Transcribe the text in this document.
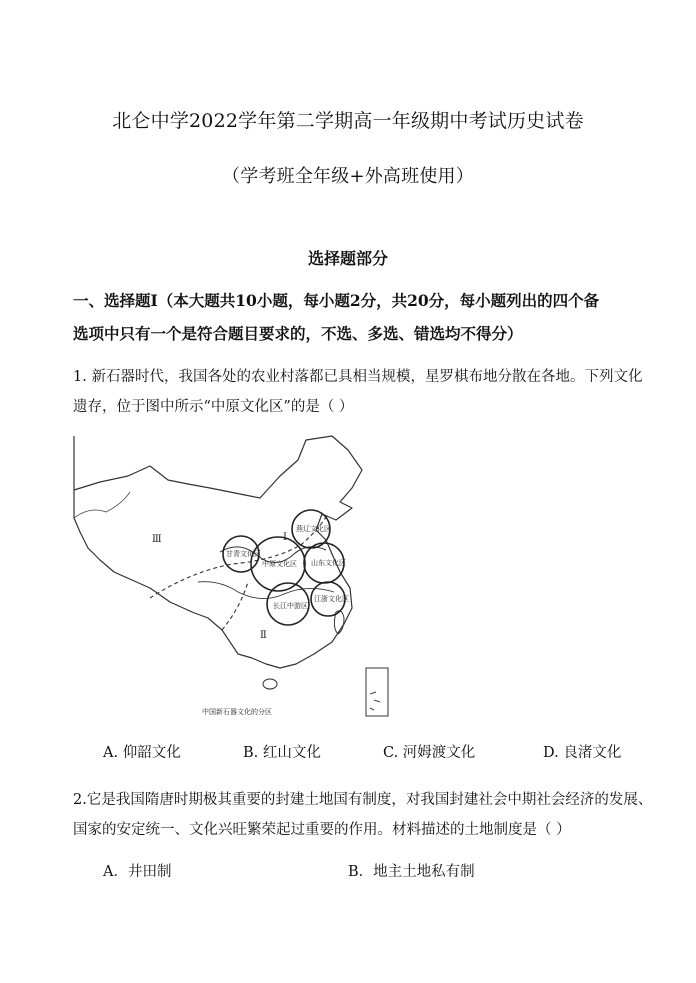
北仑中学2022学年第二学期高一年级期中考试历史试卷
（学考班全年级+外高班使用）
选择题部分
一、选择题Ⅰ（本大题共10小题，每小题2分，共20分，每小题列出的四个备
选项中只有一个是符合题目要求的，不选、多选、错选均不得分）
1. 新石器时代，我国各处的农业村落都已具相当规模，星罗棋布地分散在各地。下列文化
遗存，位于图中所示“中原文化区”的是（ ）
燕辽文化区
甘青文化区
中原文化区 山东文化区
长江中游区
江浙文化区
Ⅰ
Ⅱ
Ⅲ
中国新石器文化的分区
A. 仰韶文化	B. 红山文化	C. 河姆渡文化	D. 良渚文化
2.它是我国隋唐时期极其重要的封建土地国有制度，对我国封建社会中期社会经济的发展、
国家的安定统一、文化兴旺繁荣起过重要的作用。材料描述的土地制度是（ ）
A．井田制	B．地主土地私有制
